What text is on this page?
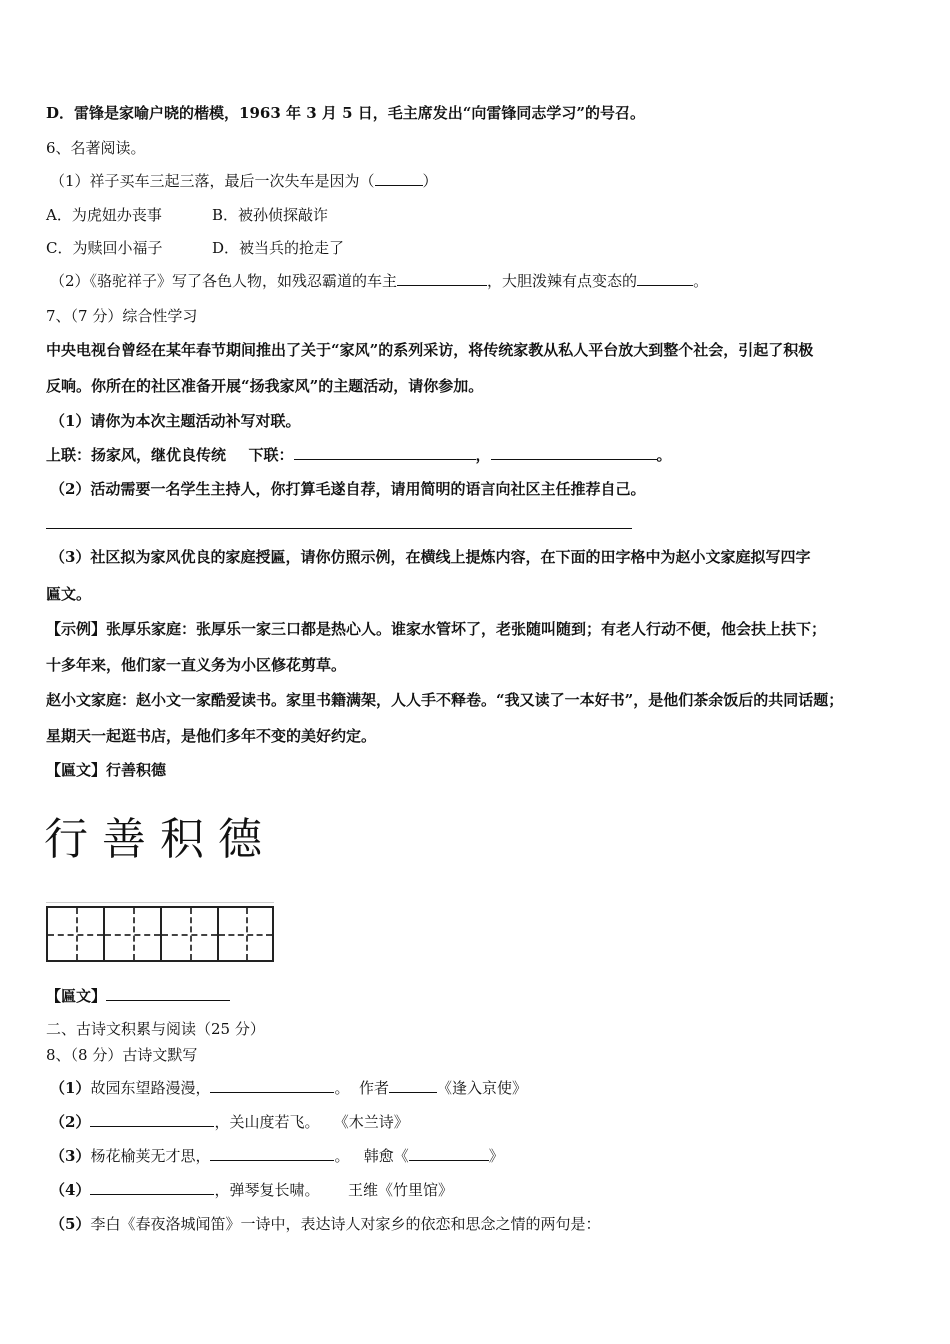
D．雷锋是家喻户晓的楷模，1963 年 3 月 5 日，毛主席发出“向雷锋同志学习”的号召。
6、名著阅读。
（1）祥子买车三起三落，最后一次失车是因为（	）
A．为虎妞办丧事	B．被孙侦探敲诈
C．为赎回小福子	D．被当兵的抢走了
（2）《骆驼祥子》写了各色人物，如残忍霸道的车主	，大胆泼辣有点变态的	。
7、（7 分）综合性学习
中央电视台曾经在某年春节期间推出了关于“家风”的系列采访，将传统家教从私人平台放大到整个社会，引起了积极
反响。你所在的社区准备开展“扬我家风”的主题活动，请你参加。
（1）请你为本次主题活动补写对联。
上联：扬家风，继优良传统 下联：	，	。
（2）活动需要一名学生主持人，你打算毛遂自荐，请用简明的语言向社区主任推荐自己。
（3）社区拟为家风优良的家庭授匾，请你仿照示例，在横线上提炼内容，在下面的田字格中为赵小文家庭拟写四字
匾文。
【示例】张厚乐家庭：张厚乐一家三口都是热心人。谁家水管坏了，老张随叫随到；有老人行动不便，他会扶上扶下；
十多年来，他们家一直义务为小区修花剪草。
赵小文家庭：赵小文一家酷爱读书。家里书籍满架，人人手不释卷。“我又读了一本好书”，是他们茶余饭后的共同话题；
星期天一起逛书店，是他们多年不变的美好约定。
【匾文】行善积德
行善积德
【匾文】
二、古诗文积累与阅读（25 分）
8、（8 分）古诗文默写
（1）故园东望路漫漫，	。  作者	《逢入京使》
（2）	，关山度若飞。   《木兰诗》
（3）杨花榆荚无才思，	。   韩愈《	》
（4）	，弹琴复长啸。      王维《竹里馆》
（5）李白《春夜洛城闻笛》一诗中，表达诗人对家乡的依恋和思念之情的两句是：
